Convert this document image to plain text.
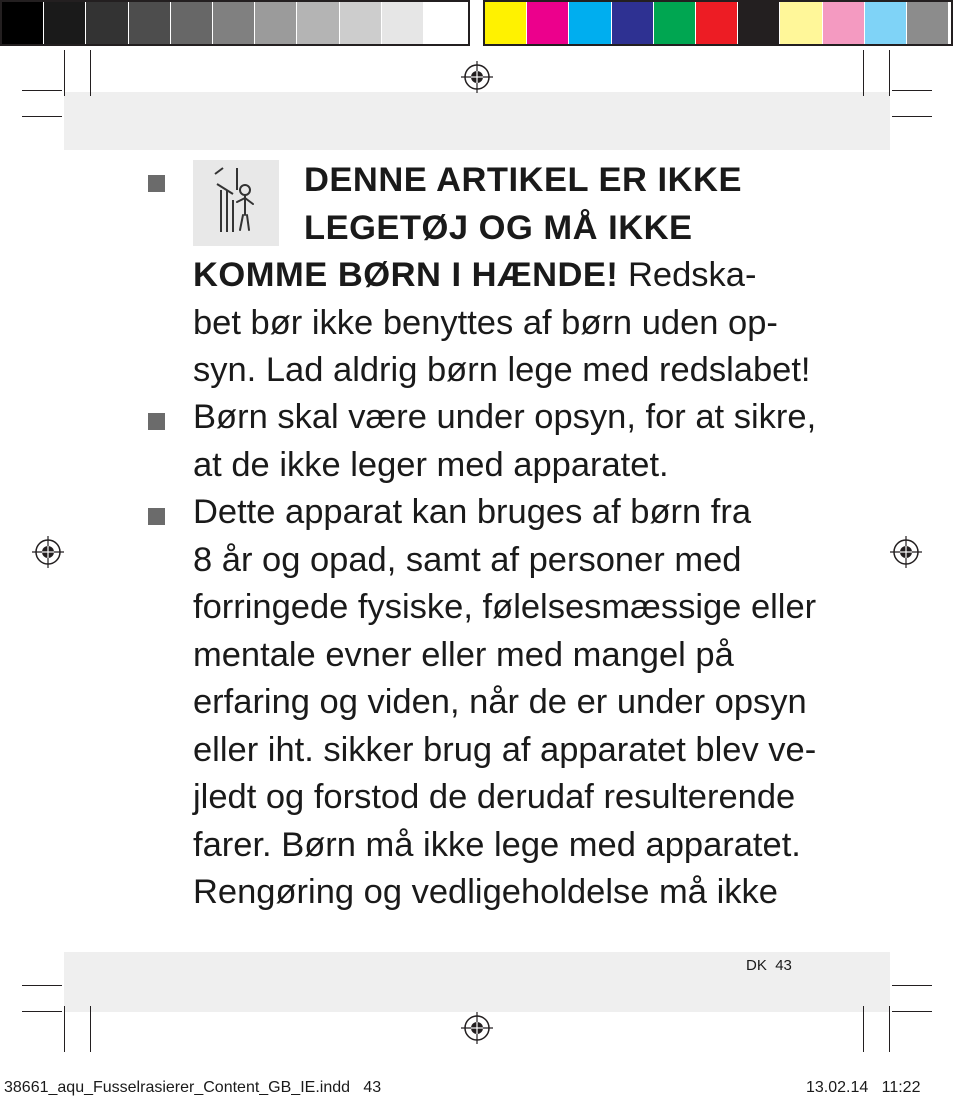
DENNE ARTIKEL ER IKKE
LEGETØJ OG MÅ IKKE
KOMME BØRN I HÆNDE! Redska-
bet bør ikke benyttes af børn uden op-
syn. Lad aldrig børn lege med redslabet!
Børn skal være under opsyn, for at sikre,
at de ikke leger med apparatet.
Dette apparat kan bruges af børn fra
8 år og opad, samt af personer med
forringede fysiske, følelsesmæssige eller
mentale evner eller med mangel på
erfaring og viden, når de er under opsyn
eller iht. sikker brug af apparatet blev ve-
jledt og forstod de derudaf resulterende
farer. Børn må ikke lege med apparatet.
Rengøring og vedligeholdelse må ikke
DK 43
38661_aqu_Fusselrasierer_Content_GB_IE.indd   43	13.02.14 11:22
